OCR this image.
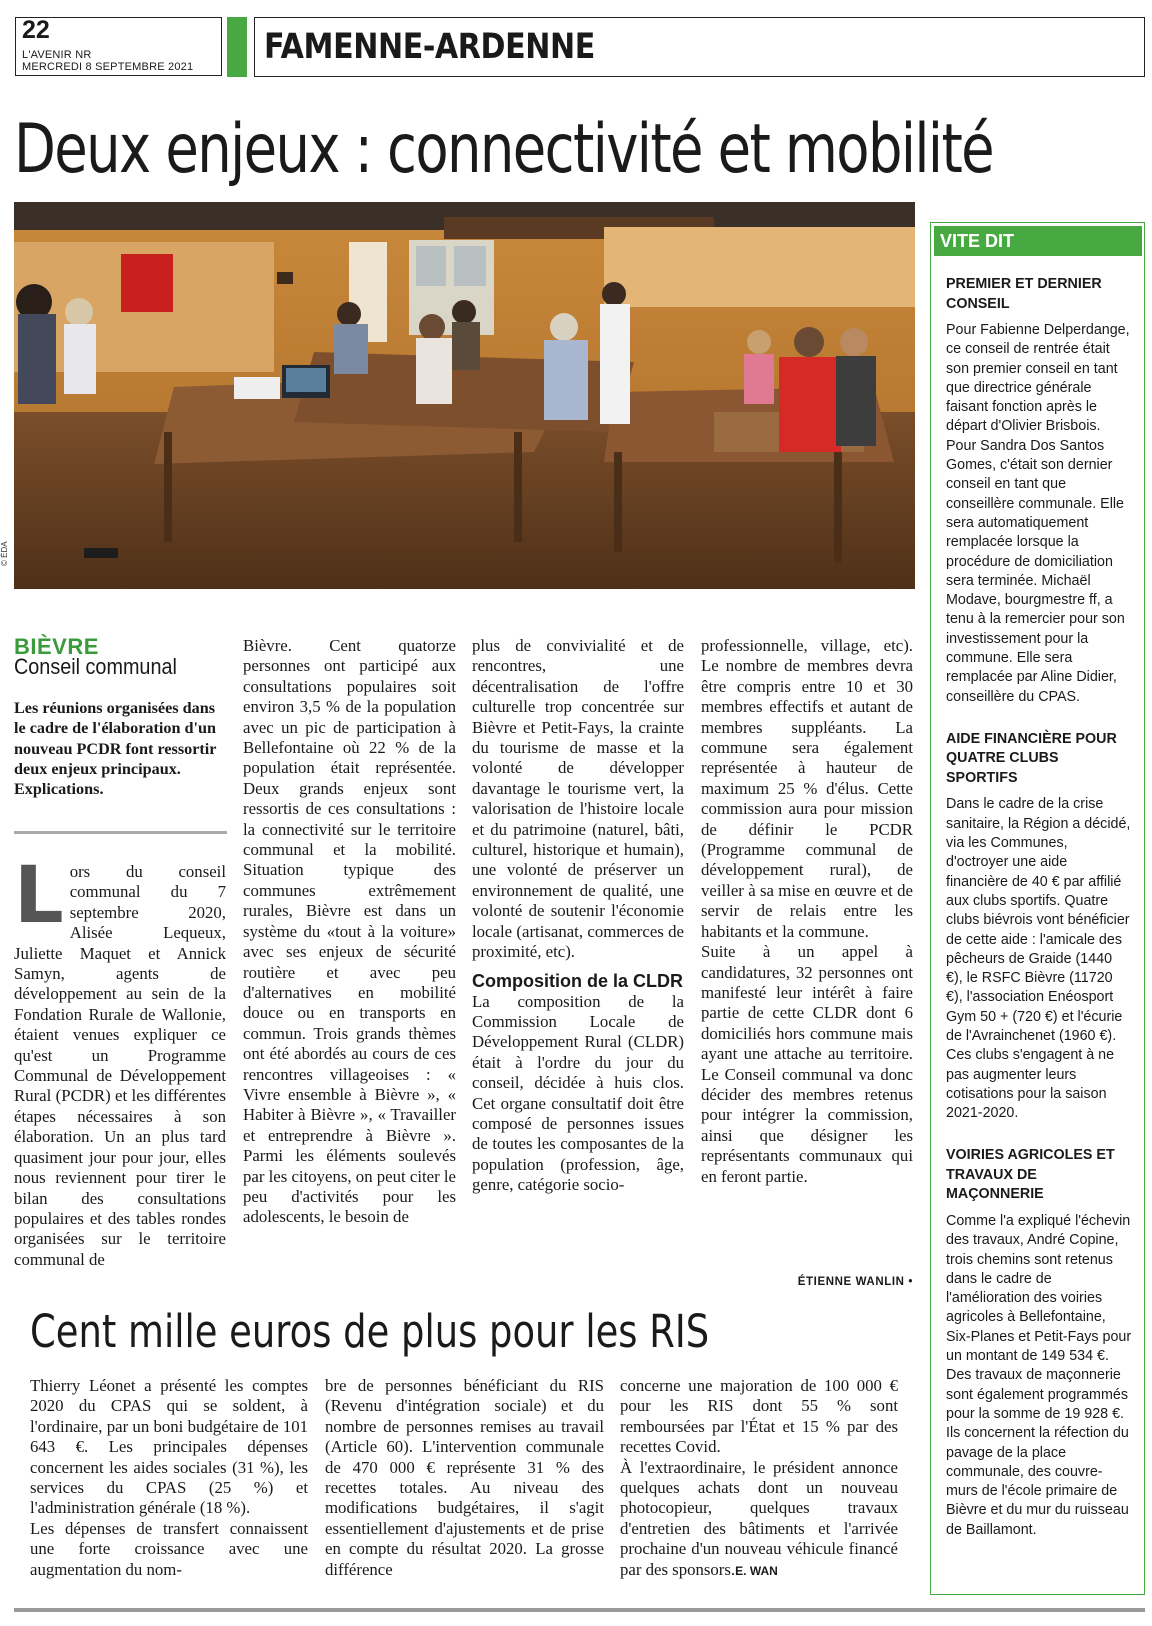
22
L'AVENIR NR
MERCREDI 8 SEPTEMBRE 2021 FAMENNE-ARDENNE
Deux enjeux : connectivité et mobilité
© ÉDA
BIÈVRE
Conseil communal
Les réunions organisées dans le cadre de l'élaboration d'un nouveau PCDR font ressortir deux enjeux principaux. Explications.
L ors du conseil communal du 7 septembre 2020, Alisée Lequeux, Juliette Maquet et Annick Samyn, agents de développement au sein de la Fondation Rurale de Wallonie, étaient venues expliquer ce qu'est un Programme Communal de Développement Rural (PCDR) et les différentes étapes nécessaires à son élaboration. Un an plus tard quasiment jour pour jour, elles nous reviennent pour tirer le bilan des consultations populaires et des tables rondes organisées sur le territoire communal de

Bièvre. Cent quatorze personnes ont participé aux consultations populaires soit environ 3,5 % de la population avec un pic de participation à Bellefontaine où 22 % de la population était représentée. Deux grands enjeux sont ressortis de ces consultations : la connectivité sur le territoire communal et la mobilité. Situation typique des communes extrêmement rurales, Bièvre est dans un système du «tout à la voiture» avec ses enjeux de sécurité routière et avec peu d'alternatives en mobilité douce ou en transports en commun. Trois grands thèmes ont été abordés au cours de ces rencontres villageoises : « Vivre ensemble à Bièvre », « Habiter à Bièvre », « Travailler et entreprendre à Bièvre ». Parmi les éléments soulevés par les citoyens, on peut citer le peu d'activités pour les adolescents, le besoin de

plus de convivialité et de rencontres, une décentralisation de l'offre culturelle trop concentrée sur Bièvre et Petit-Fays, la crainte du tourisme de masse et la volonté de développer davantage le tourisme vert, la valorisation de l'histoire locale et du patrimoine (naturel, bâti, culturel, historique et humain), une volonté de préserver un environnement de qualité, une volonté de soutenir l'économie locale (artisanat, commerces de proximité, etc).

Composition de la CLDR

La composition de la Commission Locale de Développement Rural (CLDR) était à l'ordre du jour du conseil, décidée à huis clos. Cet organe consultatif doit être composé de personnes issues de toutes les composantes de la population (profession, âge, genre, catégorie socio-

professionnelle, village, etc). Le nombre de membres devra être compris entre 10 et 30 membres effectifs et autant de membres suppléants. La commune sera également représentée à hauteur de maximum 25 % d'élus. Cette commission aura pour mission de définir le PCDR (Programme communal de développement rural), de veiller à sa mise en œuvre et de servir de relais entre les habitants et la commune.

Suite à un appel à candidatures, 32 personnes ont manifesté leur intérêt à faire partie de cette CLDR dont 6 domiciliés hors commune mais ayant une attache au territoire. Le Conseil communal va donc décider des membres retenus pour intégrer la commission, ainsi que désigner les représentants communaux qui en feront partie.

ÉTIENNE WANLIN •
Cent mille euros de plus pour les RIS

Thierry Léonet a présenté les comptes 2020 du CPAS qui se soldent, à l'ordinaire, par un boni budgétaire de 101 643 €. Les principales dépenses concernent les aides sociales (31 %), les services du CPAS (25 %) et l'administration générale (18 %).

Les dépenses de transfert connaissent une forte croissance avec une augmentation du nom-

bre de personnes bénéficiant du RIS (Revenu d'intégration sociale) et du nombre de personnes remises au travail (Article 60). L'intervention communale de 470 000 € représente 31 % des recettes totales. Au niveau des modifications budgétaires, il s'agit essentiellement d'ajustements et de prise en compte du résultat 2020. La grosse différence

concerne une majoration de 100 000 € pour les RIS dont 55 % sont remboursées par l'État et 15 % par des recettes Covid.

À l'extraordinaire, le président annonce quelques achats dont un nouveau photocopieur, quelques travaux d'entretien des bâtiments et l'arrivée prochaine d'un nouveau véhicule financé par des sponsors.E. WAN

VITE DIT

PREMIER ET DERNIER CONSEIL

Pour Fabienne Delperdange, ce conseil de rentrée était son premier conseil en tant que directrice générale faisant fonction après le départ d'Olivier Brisbois. Pour Sandra Dos Santos Gomes, c'était son dernier conseil en tant que conseillère communale. Elle sera automatiquement remplacée lorsque la procédure de domiciliation sera terminée. Michaël Modave, bourgmestre ff, a tenu à la remercier pour son investissement pour la commune. Elle sera remplacée par Aline Didier, conseillère du CPAS.

AIDE FINANCIÈRE POUR QUATRE CLUBS SPORTIFS

Dans le cadre de la crise sanitaire, la Région a décidé, via les Communes, d'octroyer une aide financière de 40 € par affilié aux clubs sportifs. Quatre clubs biévrois vont bénéficier de cette aide : l'amicale des pêcheurs de Graide (1440 €), le RSFC Bièvre (11720 €), l'association Enéosport Gym 50 + (720 €) et l'écurie de l'Avrainchenet (1960 €). Ces clubs s'engagent à ne pas augmenter leurs cotisations pour la saison 2021-2020.

VOIRIES AGRICOLES ET TRAVAUX DE MAÇONNERIE

Comme l'a expliqué l'échevin des travaux, André Copine, trois chemins sont retenus dans le cadre de l'amélioration des voiries agricoles à Bellefontaine, Six-Planes et Petit-Fays pour un montant de 149 534 €. Des travaux de maçonnerie sont également programmés pour la somme de 19 928 €. Ils concernent la réfection du pavage de la place communale, des couvre-murs de l'école primaire de Bièvre et du mur du ruisseau de Baillamont.
